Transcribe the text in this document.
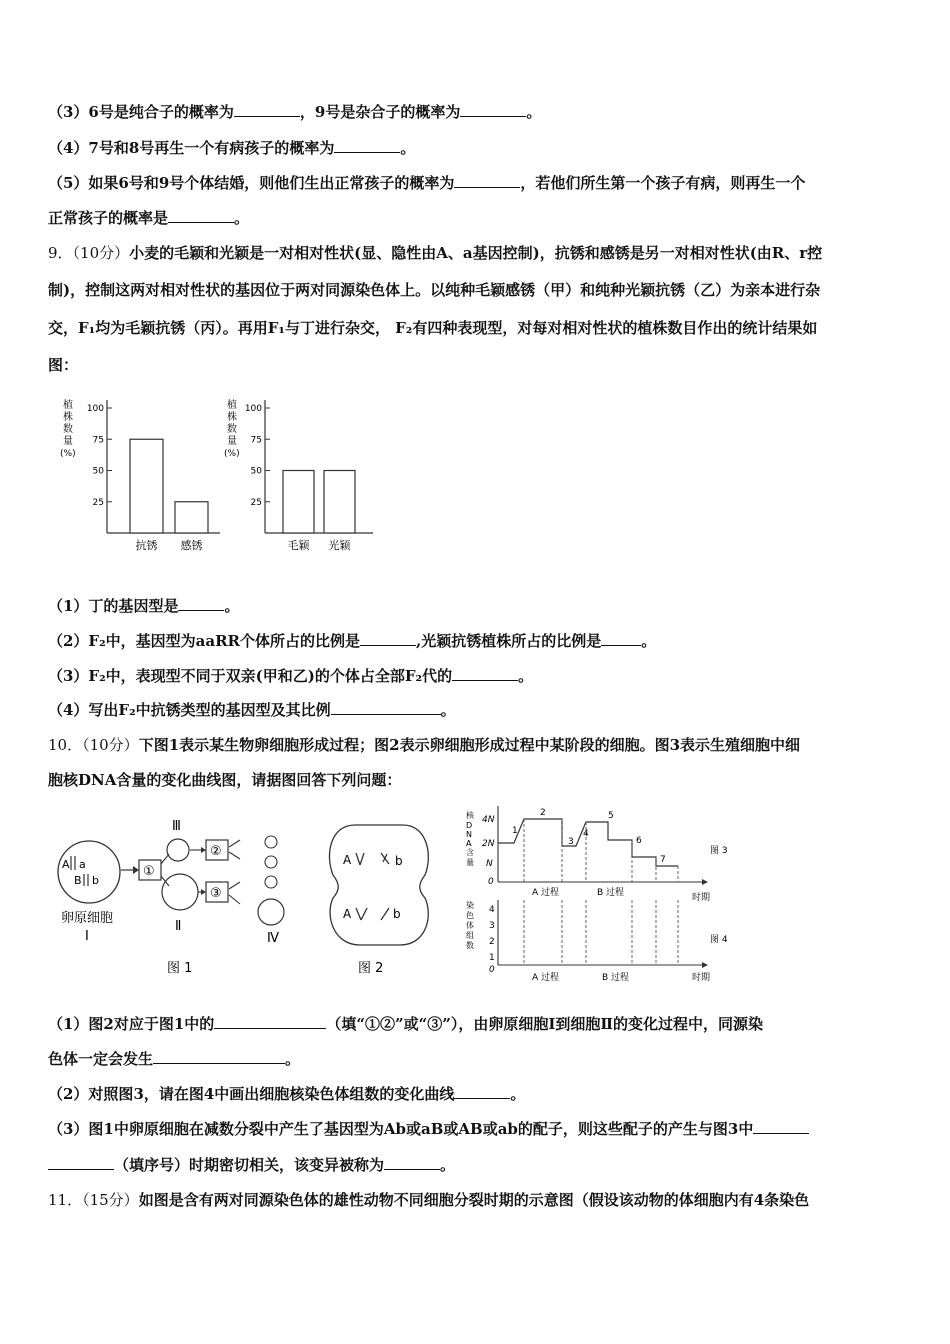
（3）6号是纯合子的概率为	，9号是杂合子的概率为	。
（4）7号和8号再生一个有病孩子的概率为	。
（5）如果6号和9号个体结婚，则他们生出正常孩子的概率为	，若他们所生第一个孩子有病，则再生一个
正常孩子的概率是	。
9．（10分）小麦的毛颖和光颖是一对相对性状(显、隐性由A、a基因控制)，抗锈和感锈是另一对相对性状(由R、r控
制)，控制这两对相对性状的基因位于两对同源染色体上。以纯种毛颖感锈（甲）和纯种光颖抗锈（乙）为亲本进行杂
交，F₁均为毛颖抗锈（丙）。再用F₁与丁进行杂交， F₂有四种表现型，对每对相对性状的植株数目作出的统计结果如
图：
植
株
数
量
(%)
100
75
50
25
抗锈 感锈
植
株
数
量
(%)
100
75
50
25
毛颖 光颖
（1）丁的基因型是	。
（2）F₂中，基因型为aaRR个体所占的比例是	,光颖抗锈植株所占的比例是	。
（3）F₂中，表现型不同于双亲(甲和乙)的个体占全部F₂代的	。
（4）写出F₂中抗锈类型的基因型及其比例	。
10．（10分）下图1表示某生物卵细胞形成过程；图2表示卵细胞形成过程中某阶段的细胞。图3表示生殖细胞中细
胞核DNA含量的变化曲线图，请据图回答下列问题：
A a
B b
卵原细胞
Ⅰ
①
Ⅲ
Ⅱ
②
③
Ⅳ
图 1
A	b
A	b
图 2
核
D
N
A
含
量
4N
2N
N
0
1
2
3
4
5
6
7
A 过程	B 过程	时期
图 3
染
色
体
组
数
4
3
2
1
0
A 过程	B 过程	时期
图 4
（1）图2对应于图1中的	（填“①②”或“③”），由卵原细胞Ⅰ到细胞Ⅱ的变化过程中，同源染
色体一定会发生	。
（2）对照图3，请在图4中画出细胞核染色体组数的变化曲线	。
（3）图1中卵原细胞在减数分裂中产生了基因型为Ab或aB或AB或ab的配子，则这些配子的产生与图3中
（填序号）时期密切相关，该变异被称为	。
11．（15分）如图是含有两对同源染色体的雄性动物不同细胞分裂时期的示意图（假设该动物的体细胞内有4条染色
